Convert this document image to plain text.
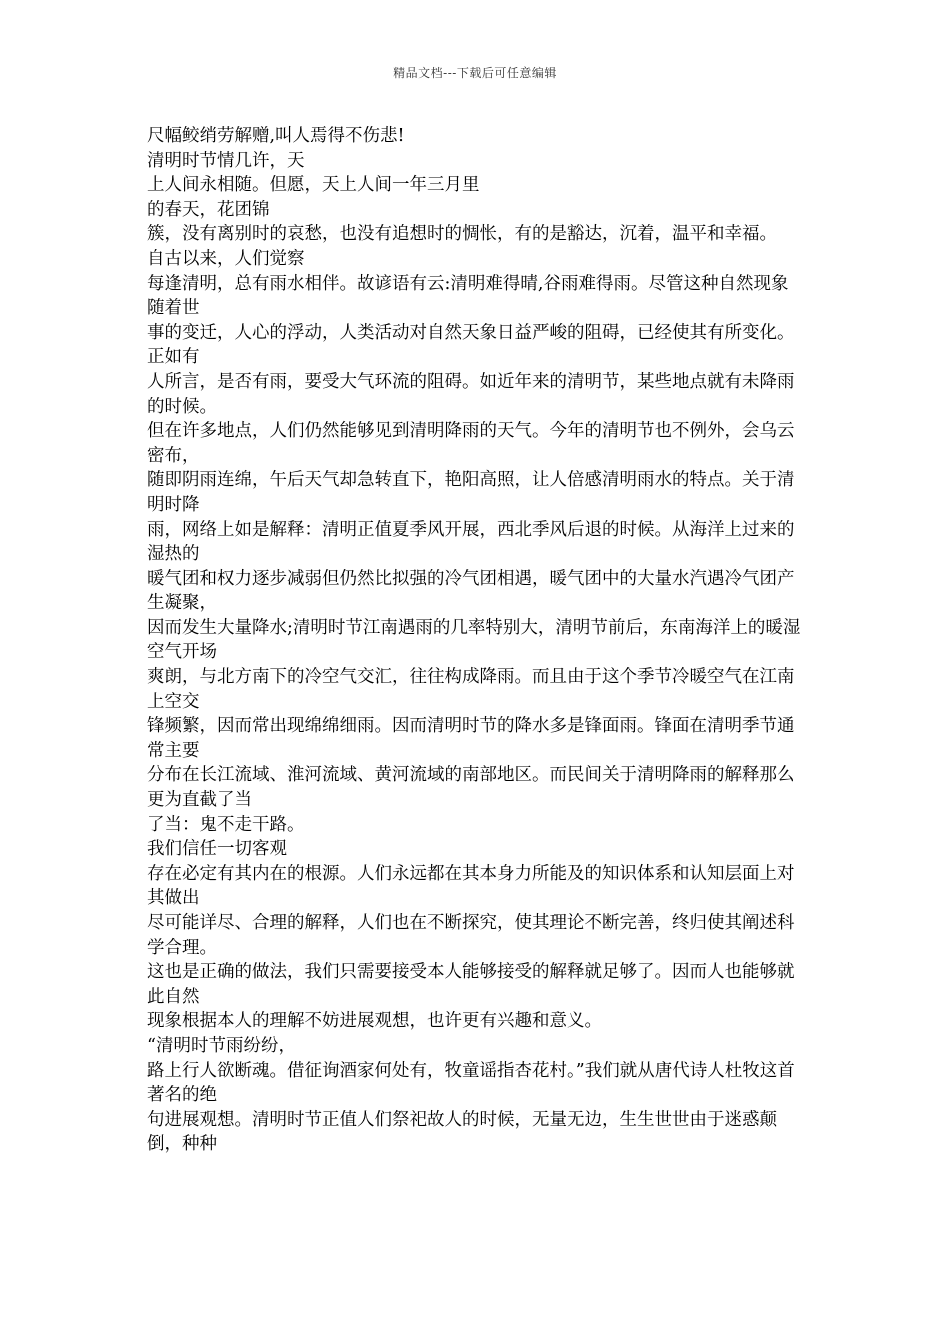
精品文档---下载后可任意编辑
尺幅鲛绡劳解赠,叫人焉得不伤悲!
清明时节情几许，天
上人间永相随。但愿，天上人间一年三月里
的春天，花团锦
簇，没有离别时的哀愁，也没有追想时的惆怅，有的是豁达，沉着，温平和幸福。
自古以来，人们觉察
每逢清明，总有雨水相伴。故谚语有云:清明难得晴,谷雨难得雨。尽管这种自然现象随着世
事的变迁，人心的浮动，人类活动对自然天象日益严峻的阻碍，已经使其有所变化。正如有
人所言，是否有雨，要受大气环流的阻碍。如近年来的清明节，某些地点就有未降雨的时候。
但在许多地点，人们仍然能够见到清明降雨的天气。今年的清明节也不例外，会乌云密布，
随即阴雨连绵，午后天气却急转直下，艳阳高照，让人倍感清明雨水的特点。关于清明时降
雨，网络上如是解释：清明正值夏季风开展，西北季风后退的时候。从海洋上过来的湿热的
暖气团和权力逐步减弱但仍然比拟强的冷气团相遇，暖气团中的大量水汽遇冷气团产生凝聚，
因而发生大量降水;清明时节江南遇雨的几率特别大，清明节前后，东南海洋上的暖湿空气开场
爽朗，与北方南下的冷空气交汇，往往构成降雨。而且由于这个季节冷暖空气在江南上空交
锋频繁，因而常出现绵绵细雨。因而清明时节的降水多是锋面雨。锋面在清明季节通常主要
分布在长江流域、淮河流域、黄河流域的南部地区。而民间关于清明降雨的解释那么更为直截了当
了当：鬼不走干路。
我们信任一切客观
存在必定有其内在的根源。人们永远都在其本身力所能及的知识体系和认知层面上对其做出
尽可能详尽、合理的解释，人们也在不断探究，使其理论不断完善，终归使其阐述科学合理。
这也是正确的做法，我们只需要接受本人能够接受的解释就足够了。因而人也能够就此自然
现象根据本人的理解不妨进展观想，也许更有兴趣和意义。
“清明时节雨纷纷，
路上行人欲断魂。借征询酒家何处有，牧童谣指杏花村。”我们就从唐代诗人杜牧这首著名的绝
句进展观想。清明时节正值人们祭祀故人的时候，无量无边，生生世世由于迷惑颠倒，种种
